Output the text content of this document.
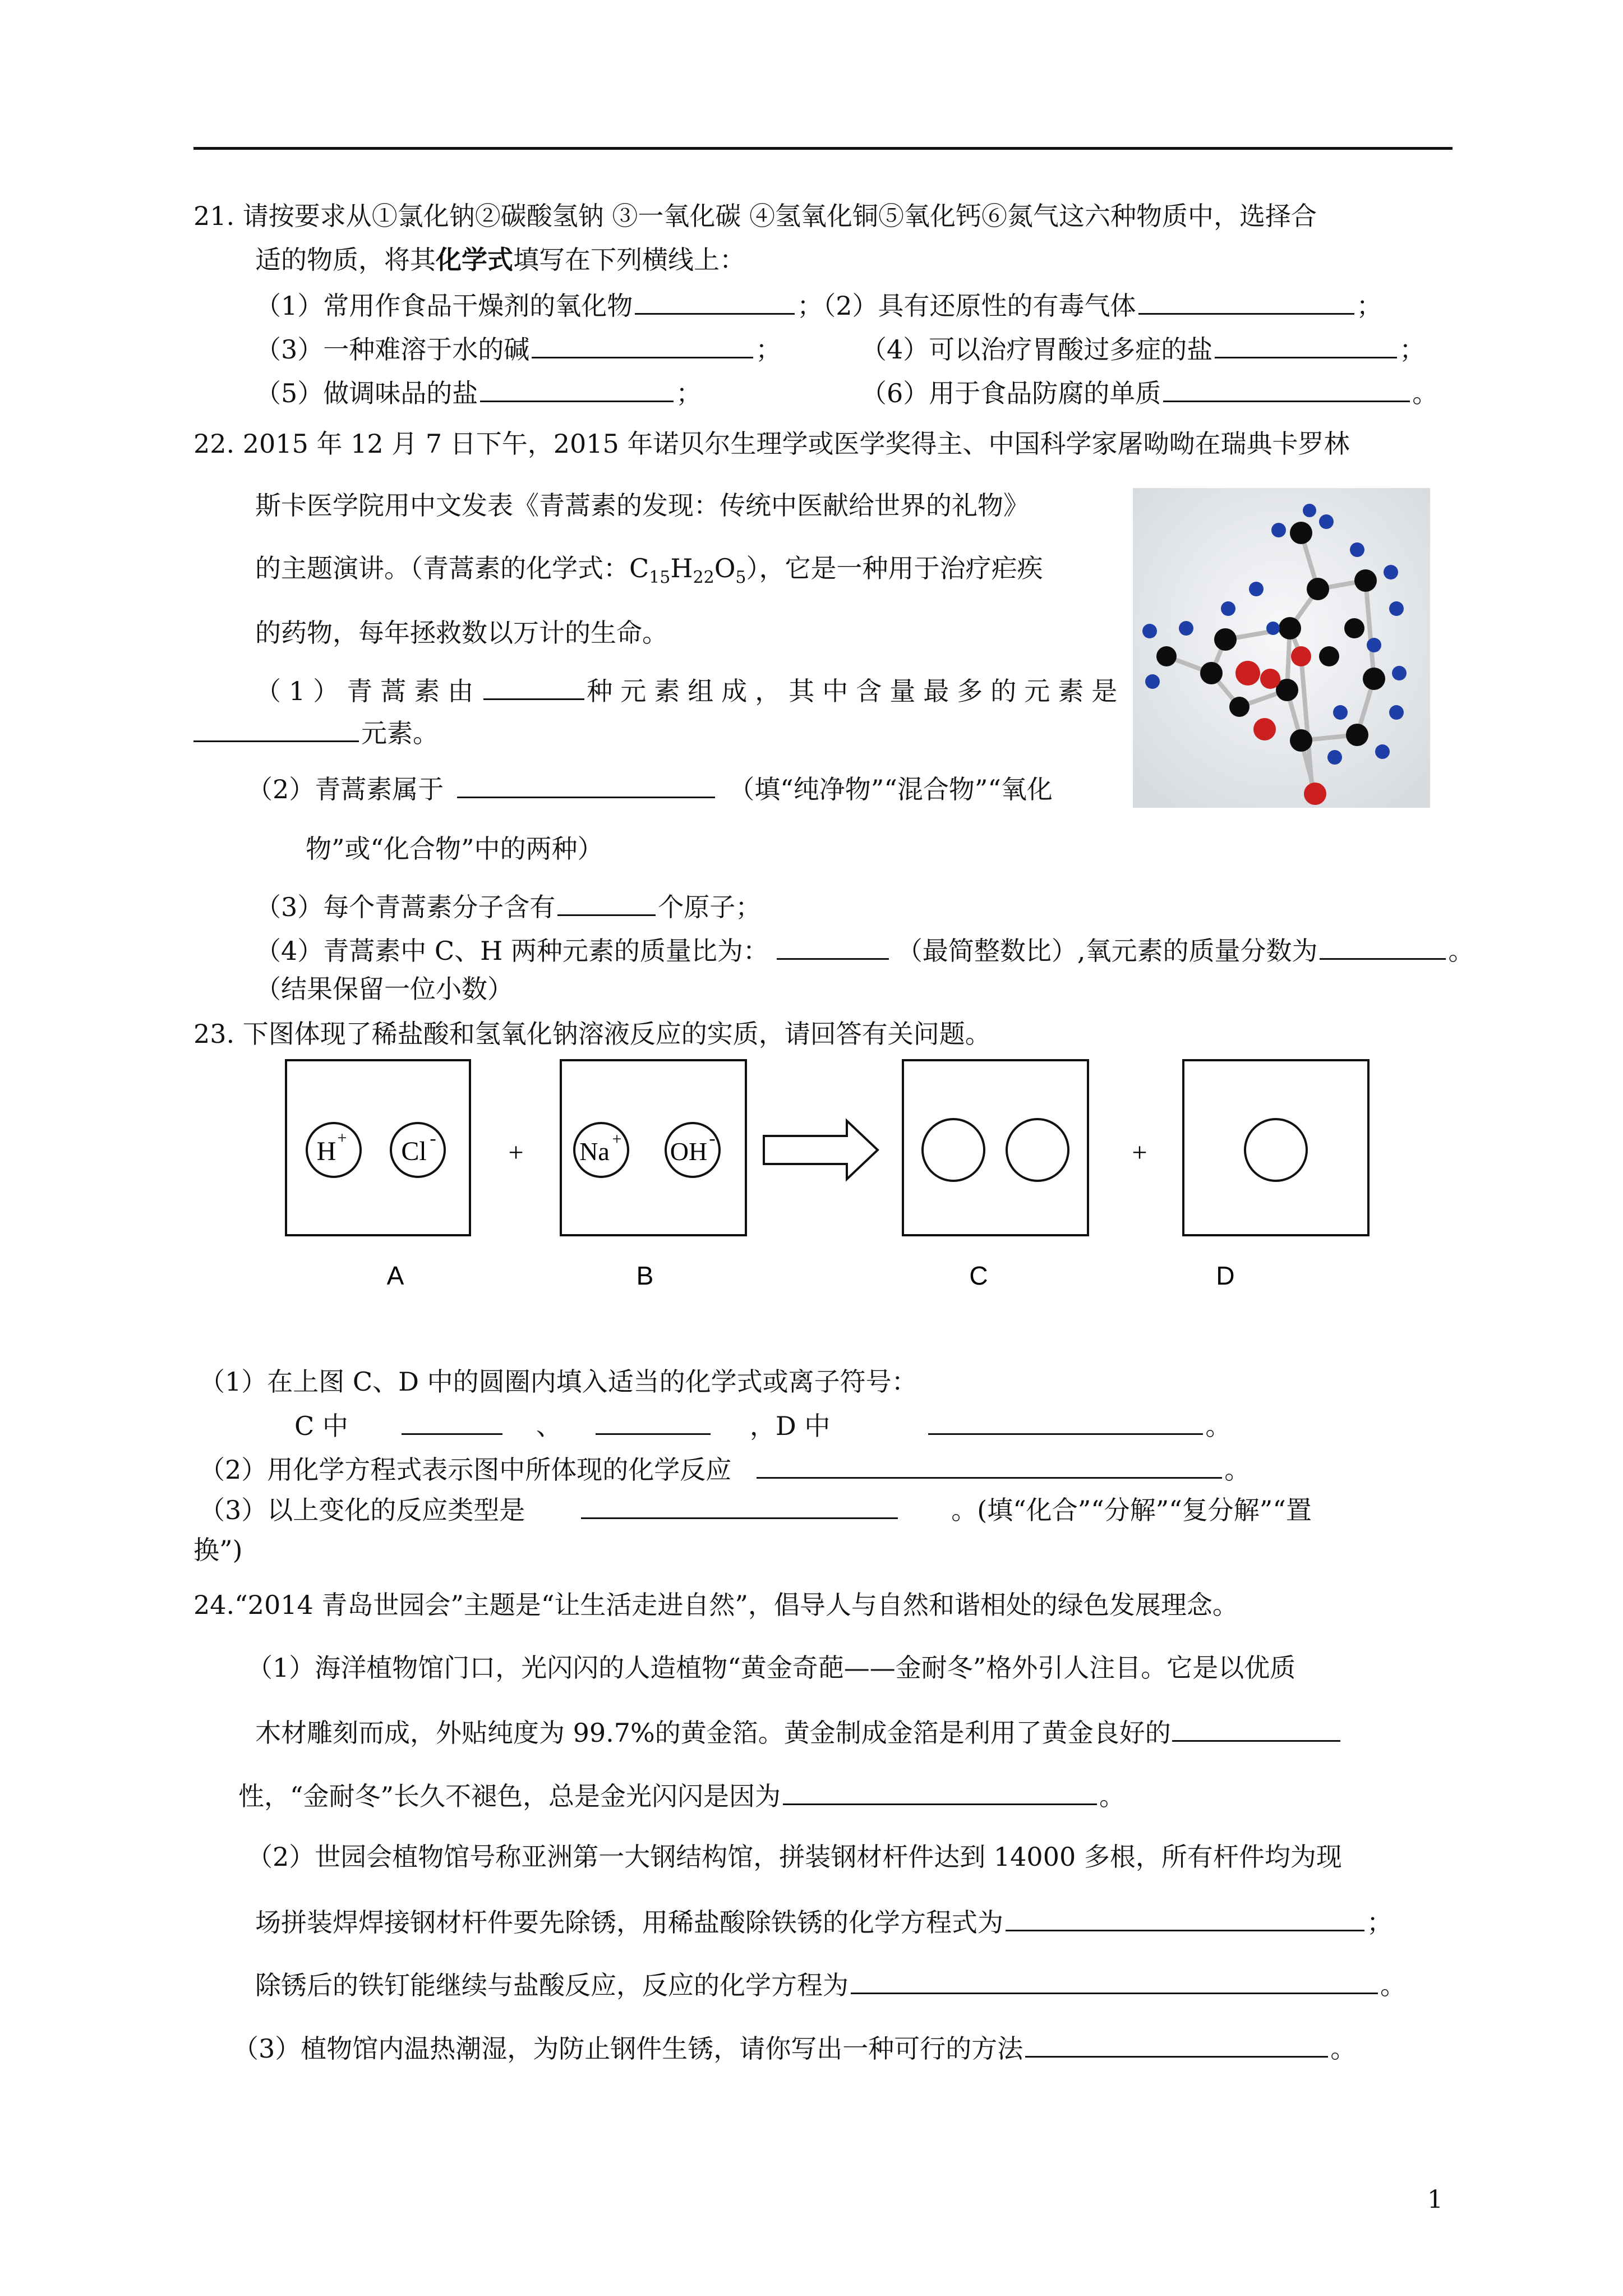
21. 请按要求从①氯化钠②碳酸氢钠 ③一氧化碳 ④氢氧化铜⑤氧化钙⑥氮气这六种物质中，选择合
适的物质，将其化学式填写在下列横线上：
（1）常用作食品干燥剂的氧化物	；（2）具有还原性的有毒气体	；
（3）一种难溶于水的碱	；	（4）可以治疗胃酸过多症的盐	；
（5）做调味品的盐	；	（6）用于食品防腐的单质	。
22. 2015 年 12 月 7 日下午，2015 年诺贝尔生理学或医学奖得主、中国科学家屠呦呦在瑞典卡罗林
斯卡医学院用中文发表《青蒿素的发现：传统中医献给世界的礼物》
的主题演讲。（青蒿素的化学式：$C_{15}H_{22}O_5$），它是一种用于治疗疟疾
的药物，每年拯救数以万计的生命。
（1）青蒿素由	种元素组成，其中含量最多的元素是
元素。
（2）青蒿素属于	（填“纯净物”“混合物”“氧化
物”或“化合物”中的两种）
（3）每个青蒿素分子含有	个原子；
（4）青蒿素中 C、H 两种元素的质量比为：	（最简整数比）,氧元素的质量分数为	。
（结果保留一位小数）
23. 下图体现了稀盐酸和氢氧化钠溶液反应的实质，请回答有关问题。
H + Cl -	+ Na + OH -	+
A	B	C	D
（1）在上图 C、D 中的圆圈内填入适当的化学式或离子符号：
C 中	、	，D 中	。
（2）用化学方程式表示图中所体现的化学反应	。
（3）以上变化的反应类型是	。(填“化合”“分解”“复分解”“置
换”)
24.“2014 青岛世园会”主题是“让生活走进自然”，倡导人与自然和谐相处的绿色发展理念。
（1）海洋植物馆门口，光闪闪的人造植物“黄金奇葩——金耐冬”格外引人注目。它是以优质
木材雕刻而成，外贴纯度为 99.7%的黄金箔。黄金制成金箔是利用了黄金良好的
性，“金耐冬”长久不褪色，总是金光闪闪是因为	。
（2）世园会植物馆号称亚洲第一大钢结构馆，拼装钢材杆件达到 14000 多根，所有杆件均为现
场拼装焊焊接钢材杆件要先除锈，用稀盐酸除铁锈的化学方程式为	；
除锈后的铁钉能继续与盐酸反应，反应的化学方程为	。
（3）植物馆内温热潮湿，为防止钢件生锈，请你写出一种可行的方法	。
1
